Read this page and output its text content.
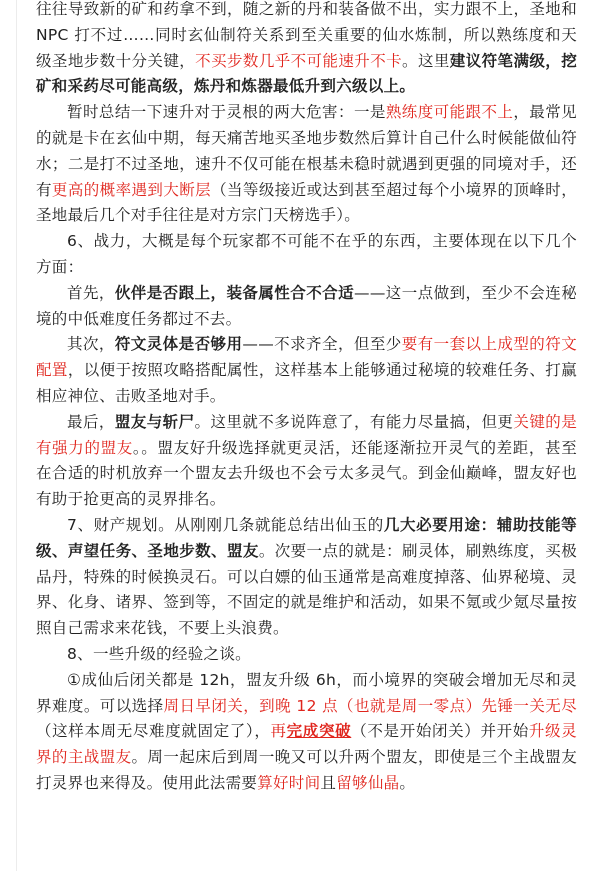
往往导致新的矿和药拿不到，随之新的丹和装备做不出，实力跟不上，圣地和 NPC 打不过……同时玄仙制符关系到至关重要的仙水炼制，所以熟练度和天级圣地步数十分关键，不买步数几乎不可能速升不卡。这里建议符笔满级，挖矿和采药尽可能高级，炼丹和炼器最低升到六级以上。

暂时总结一下速升对于灵根的两大危害：一是熟练度可能跟不上，最常见的就是卡在玄仙中期，每天痛苦地买圣地步数然后算计自己什么时候能做仙符水；二是打不过圣地，速升不仅可能在根基未稳时就遇到更强的同境对手，还有更高的概率遇到大断层（当等级接近或达到甚至超过每个小境界的顶峰时，圣地最后几个对手往往是对方宗门天榜选手）。

6、战力，大概是每个玩家都不可能不在乎的东西，主要体现在以下几个方面：

首先，伙伴是否跟上，装备属性合不合适——这一点做到，至少不会连秘境的中低难度任务都过不去。

其次，符文灵体是否够用——不求齐全，但至少要有一套以上成型的符文配置，以便于按照攻略搭配属性，这样基本上能够通过秘境的较难任务、打赢相应神位、击败圣地对手。

最后，盟友与斩尸。这里就不多说阵意了，有能力尽量搞，但更关键的是有强力的盟友。。盟友好升级选择就更灵活，还能逐渐拉开灵气的差距，甚至在合适的时机放弃一个盟友去升级也不会亏太多灵气。到金仙巅峰，盟友好也有助于抢更高的灵界排名。

7、财产规划。从刚刚几条就能总结出仙玉的几大必要用途：辅助技能等级、声望任务、圣地步数、盟友。次要一点的就是：刷灵体，刷熟练度，买极品丹，特殊的时候换灵石。可以白嫖的仙玉通常是高难度掉落、仙界秘境、灵界、化身、诸界、签到等，不固定的就是维护和活动，如果不氪或少氪尽量按照自己需求来花钱，不要上头浪费。

8、一些升级的经验之谈。

①成仙后闭关都是 12h，盟友升级 6h，而小境界的突破会增加无尽和灵界难度。可以选择周日早闭关，到晚 12 点（也就是周一零点）先锤一关无尽（这样本周无尽难度就固定了），再完成突破（不是开始闭关）并开始升级灵界的主战盟友。周一起床后到周一晚又可以升两个盟友，即使是三个主战盟友打灵界也来得及。使用此法需要算好时间且留够仙晶。
